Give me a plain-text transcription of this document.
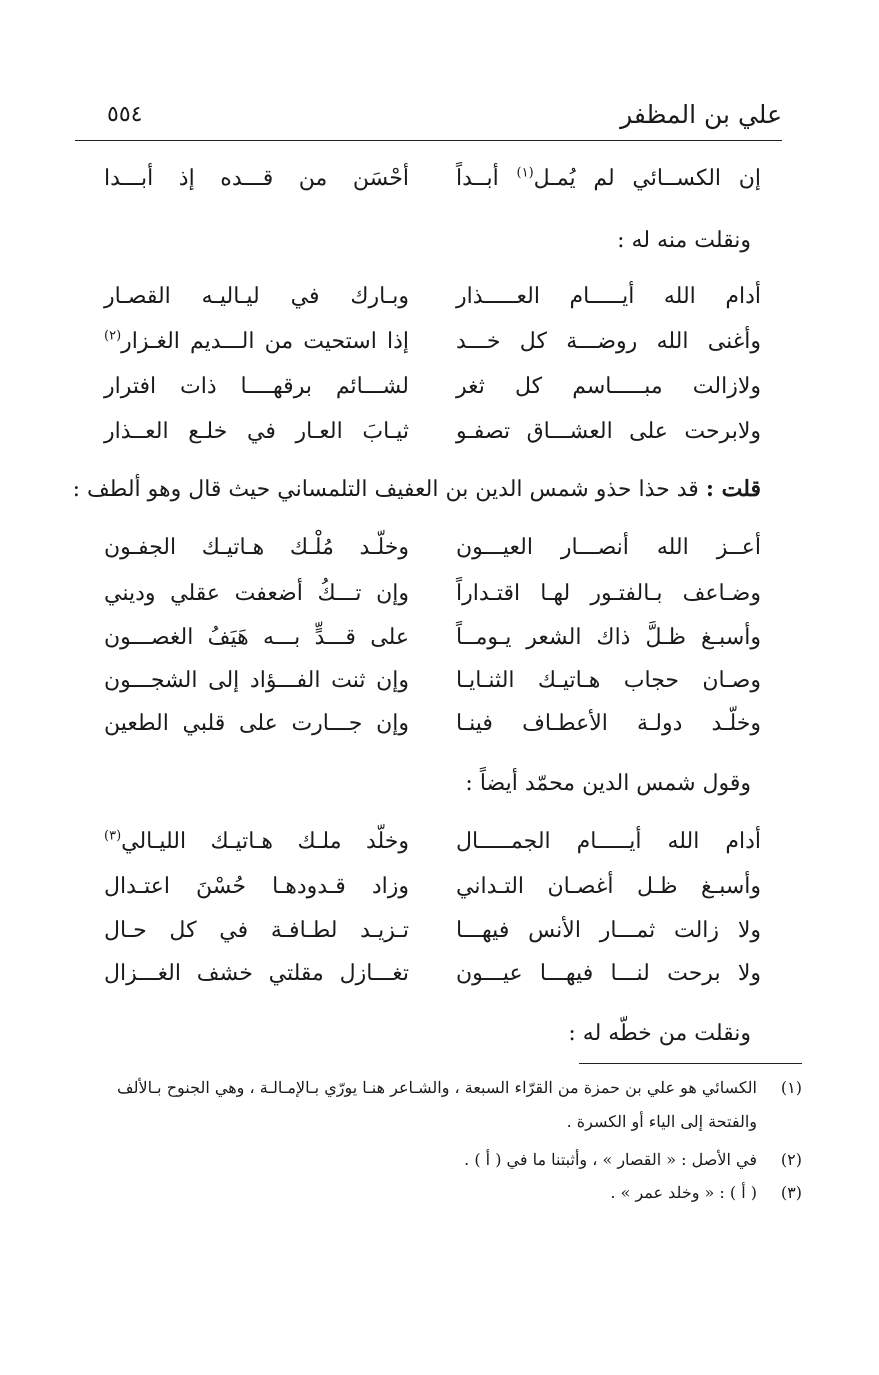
علي بن المظفر
٥٥٤
إن الكســائي لم يُمـل$^{(١)}$ أبــداً
أحْسَن من قـــده إذ أبـــدا
ونقلت منه له :
أدام الله أيـــــام العـــــذار
وبـارك في ليـاليـه القصـار
وأغنى الله روضـــة كل خـــد
إذا استحيت من الـــديم الغـزار$^{(٢)}$
ولازالت مبـــــاسم كل ثغر
لشـــائم برقهــــا ذات افترار
ولابرحت على العشـــاق تصفـو
ثيـابَ العـار في خلـع العــذار
قلت : قد حذا حذو شمس الدين بن العفيف التلمساني حيث قال وهو ألطف :
أعــز الله أنصـــار العيـــون
وخلّـد مُلْـك هـاتيـك الجفـون
وضـاعف بـالفتـور لهـا اقتـداراً
وإن تـــكُ أضعفت عقلي وديني
وأسبـغ ظـلَّ ذاك الشعر يـومــاً
على قـــدٍّ بـــه هَيَفُ الغصـــون
وصـان حجاب هـاتيـك الثنـايـا
وإن ثنت الفـــؤاد إلى الشجـــون
وخلّـد دولـة الأعطـاف فينـا
وإن جـــارت على قلبي الطعين
وقول شمس الدين محمّد أيضاً :
أدام الله أيـــــام الجمـــــال
وخلّد ملـك هـاتيـك الليـالي$^{(٣)}$
وأسبـغ ظـل أغصـان التـداني
وزاد قـدودهـا حُسْنَ اعتـدال
ولا زالت ثمـــار الأنس فيهـــا
تـزيـد لطـافـة في كل حـال
ولا برحت لنـــا فيهـــا عيـــون
تغـــازل مقلتي خشف الغـــزال
ونقلت من خطّه له :
(١)
الكسائي هو علي بن حمزة من القرّاء السبعة ، والشـاعر هنـا يورّي بـالإمـالـة ، وهي الجنوح بـالألف
والفتحة إلى الياء أو الكسرة .
(٢)
في الأصل : « القصار » ، وأثبتنا ما في ( أ ) .
(٣)
( أ ) : « وخلد عمر » .
